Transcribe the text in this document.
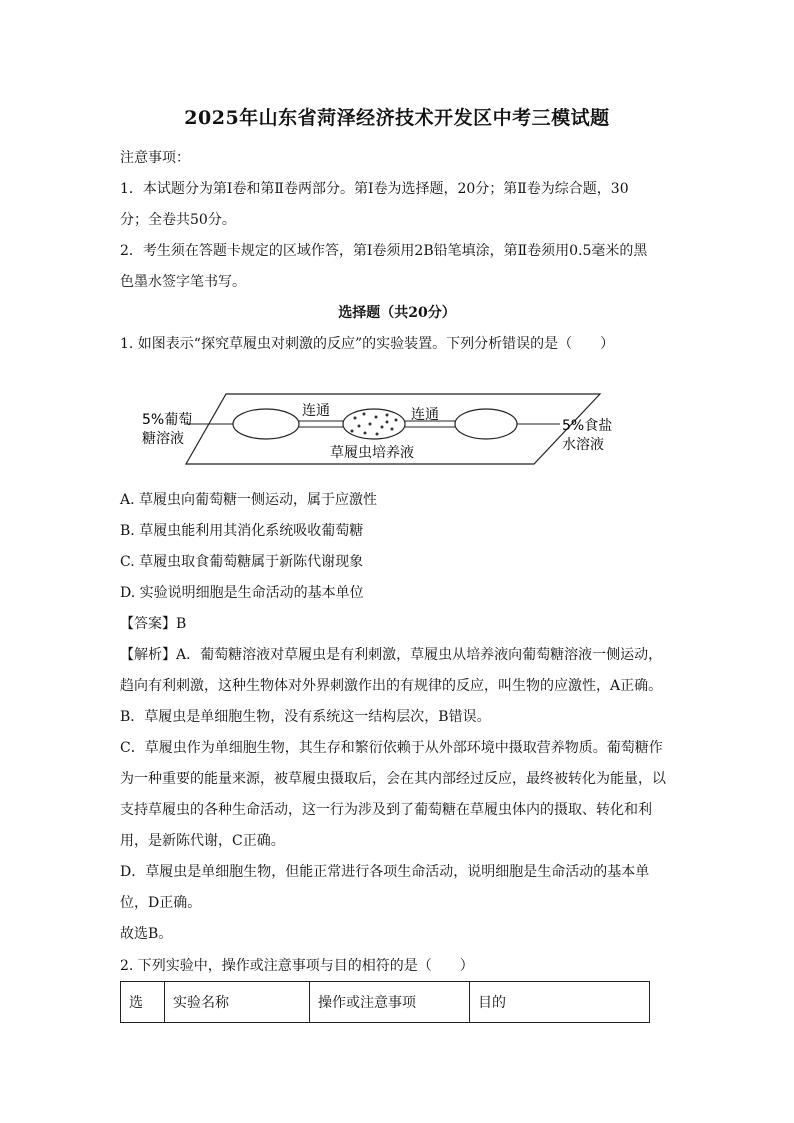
2025年山东省菏泽经济技术开发区中考三模试题
注意事项：
1．本试题分为第Ⅰ卷和第Ⅱ卷两部分。第Ⅰ卷为选择题，20分；第Ⅱ卷为综合题，30
分；全卷共50分。
2．考生须在答题卡规定的区域作答，第Ⅰ卷须用2B铅笔填涂，第Ⅱ卷须用0.5毫米的黑
色墨水签字笔书写。
选择题（共20分）
1. 如图表示“探究草履虫对刺激的反应”的实验装置。下列分析错误的是（　　）
5%葡萄
糖溶液
5%食盐
水溶液
连通	连通
草履虫培养液
A. 草履虫向葡萄糖一侧运动，属于应激性
B. 草履虫能利用其消化系统吸收葡萄糖
C. 草履虫取食葡萄糖属于新陈代谢现象
D. 实验说明细胞是生命活动的基本单位
【答案】B
【解析】A．葡萄糖溶液对草履虫是有利刺激，草履虫从培养液向葡萄糖溶液一侧运动，
趋向有利刺激，这种生物体对外界刺激作出的有规律的反应，叫生物的应激性，A正确。
B．草履虫是单细胞生物，没有系统这一结构层次，B错误。
C．草履虫作为单细胞生物，其生存和繁衍依赖于从外部环境中摄取营养物质。葡萄糖作
为一种重要的能量来源，被草履虫摄取后，会在其内部经过反应，最终被转化为能量，以
支持草履虫的各种生命活动，这一行为涉及到了葡萄糖在草履虫体内的摄取、转化和利
用，是新陈代谢，C正确。
D．草履虫是单细胞生物，但能正常进行各项生命活动，说明细胞是生命活动的基本单
位，D正确。
故选B。
2. 下列实验中，操作或注意事项与目的相符的是（　　）
选	实验名称	操作或注意事项	目的
